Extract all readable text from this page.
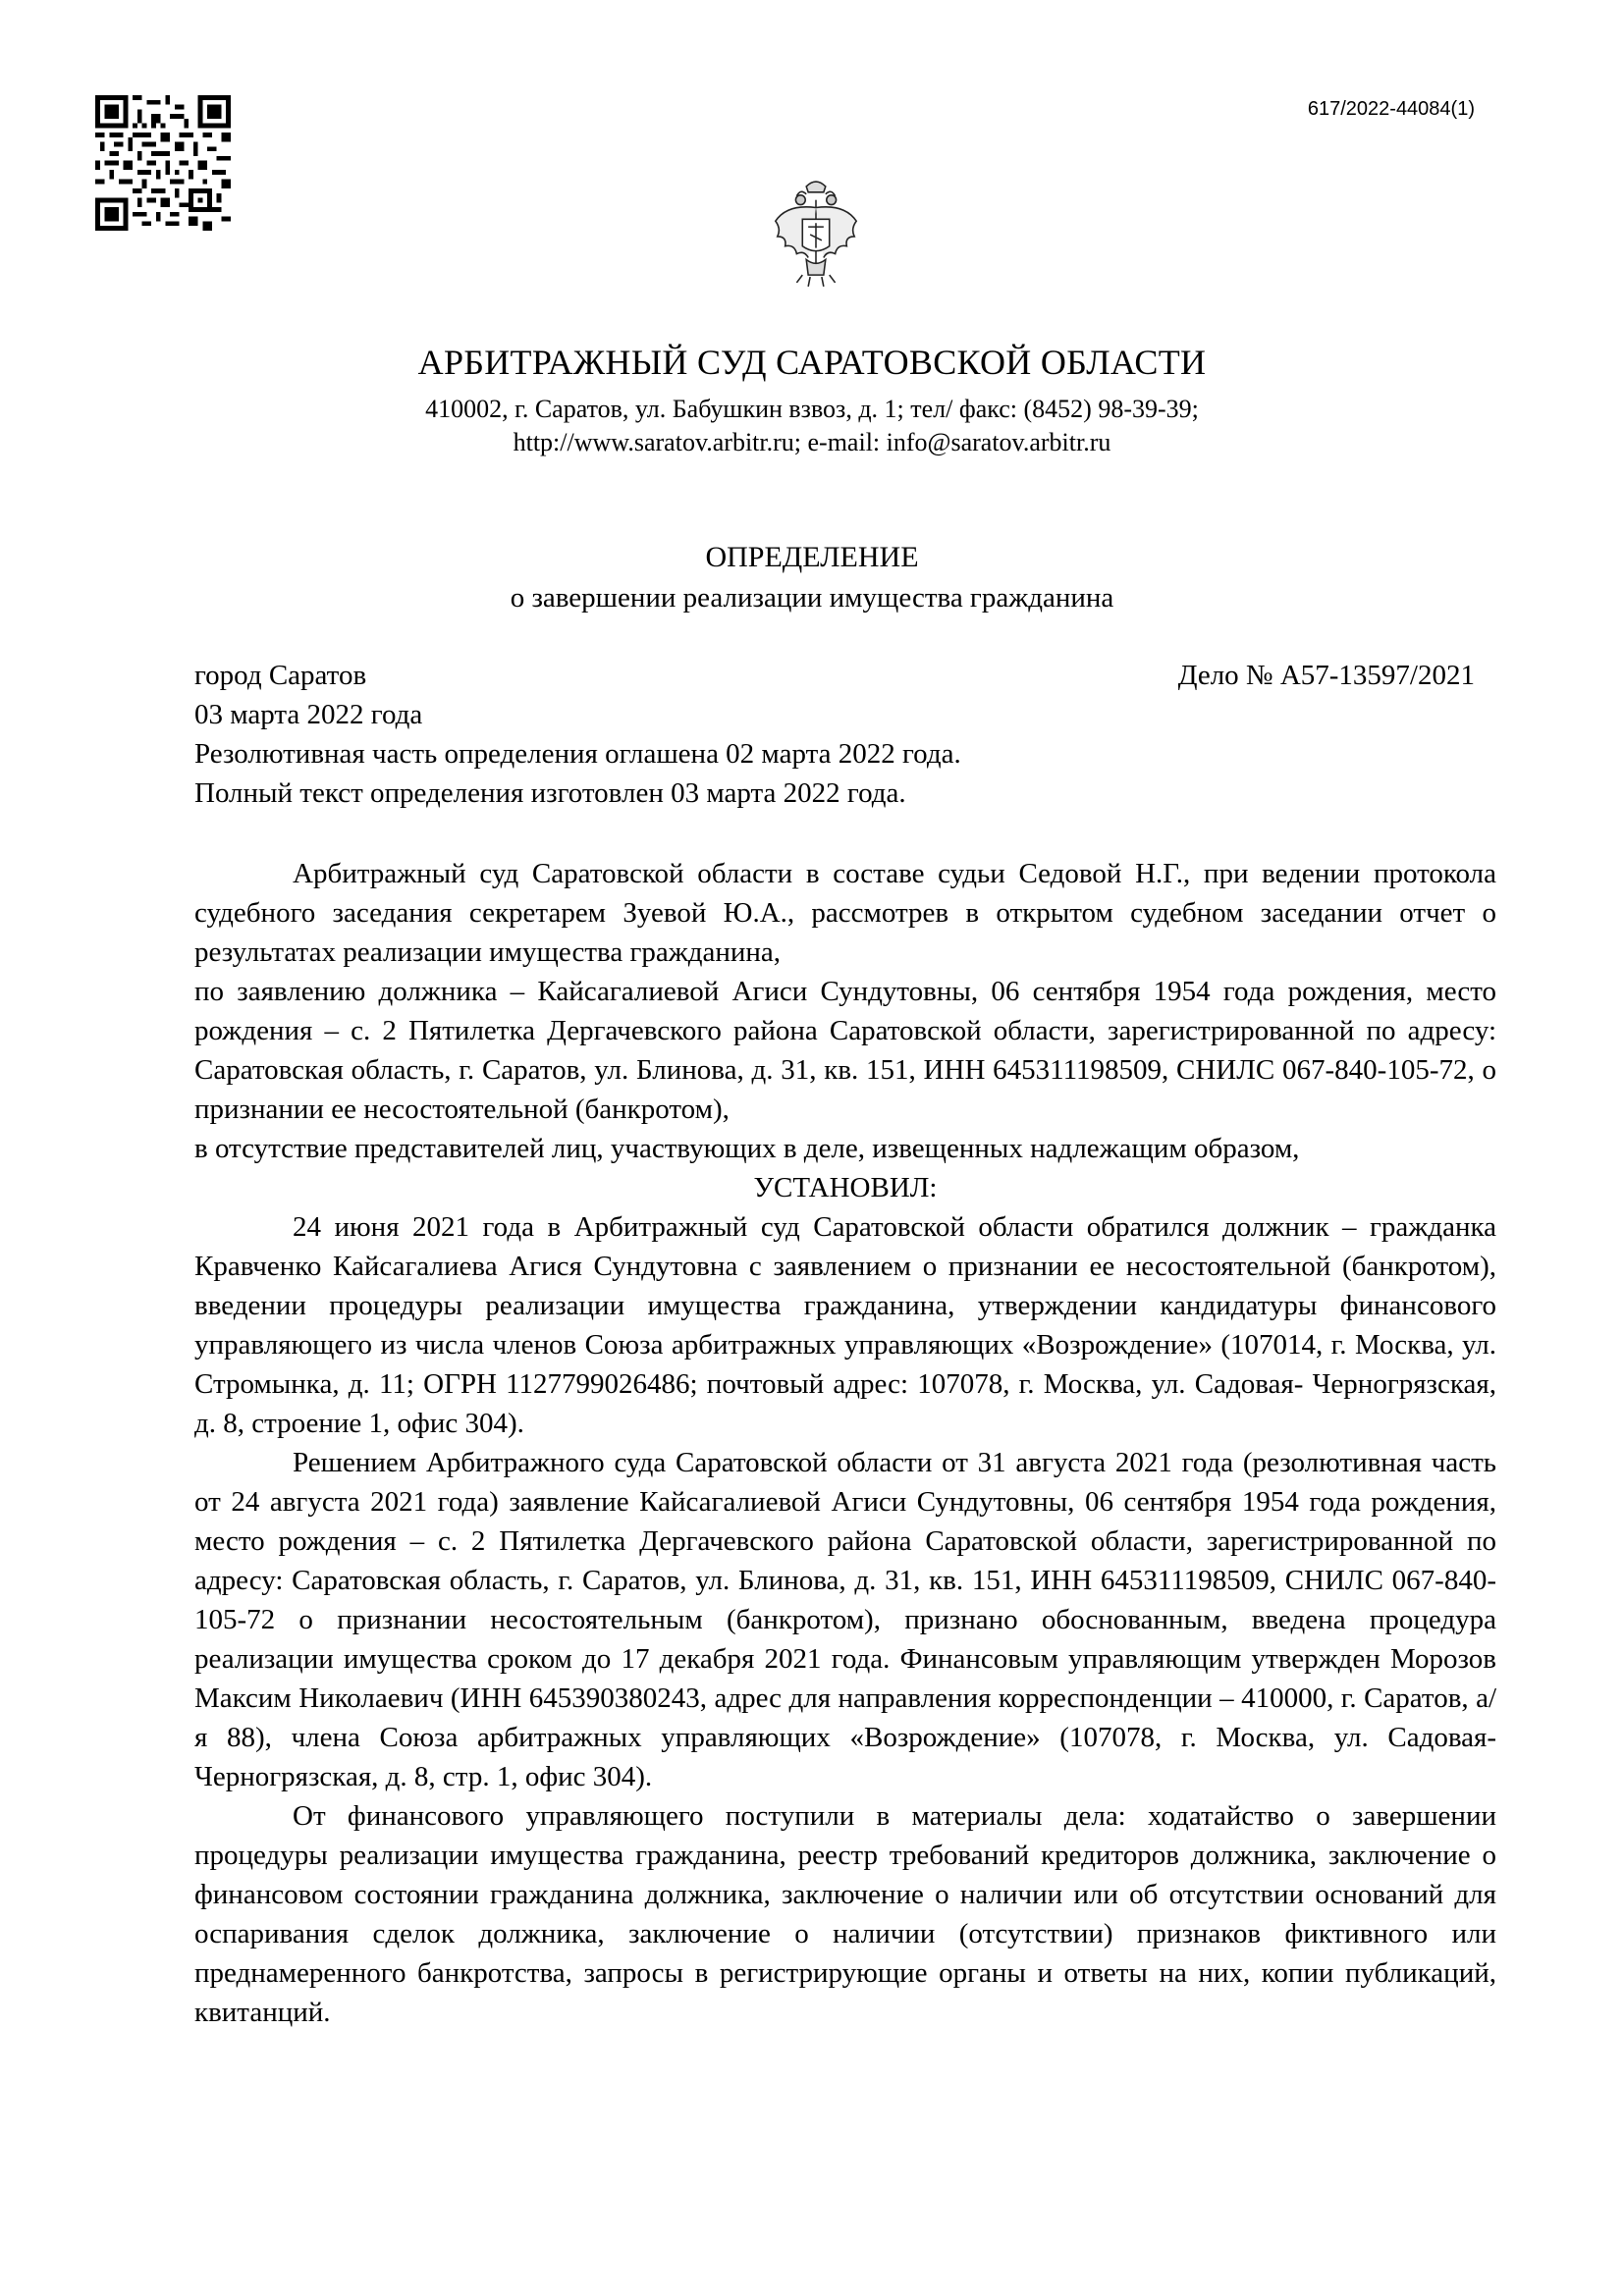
617/2022-44084(1)
АРБИТРАЖНЫЙ СУД САРАТОВСКОЙ ОБЛАСТИ
410002, г. Саратов, ул. Бабушкин взвоз, д. 1; тел/ факс: (8452) 98-39-39;
http://www.saratov.arbitr.ru; e-mail: info@saratov.arbitr.ru
ОПРЕДЕЛЕНИЕ
о завершении реализации имущества гражданина
город Саратов	Дело № А57-13597/2021
03 марта 2022 года
Резолютивная часть определения оглашена 02 марта 2022 года.
Полный текст определения изготовлен 03 марта 2022 года.

Арбитражный суд Саратовской области в составе судьи Седовой Н.Г., при ведении протокола судебного заседания секретарем Зуевой Ю.А., рассмотрев в открытом судебном заседании отчет о результатах реализации имущества гражданина,

по заявлению должника – Кайсагалиевой Агиси Сундутовны, 06 сентября 1954 года рождения, место рождения – с. 2 Пятилетка Дергачевского района Саратовской области, зарегистрированной по адресу: Саратовская область, г. Саратов, ул. Блинова, д. 31, кв. 151, ИНН 645311198509, СНИЛС 067-840-105-72, о признании ее несостоятельной (банкротом),

в отсутствие представителей лиц, участвующих в деле, извещенных надлежащим образом,

УСТАНОВИЛ:

24 июня 2021 года в Арбитражный суд Саратовской области обратился должник – гражданка Кравченко Кайсагалиева Агися Сундутовна с заявлением о признании ее несостоятельной (банкротом), введении процедуры реализации имущества гражданина, утверждении кандидатуры финансового управляющего из числа членов Союза арбитражных управляющих «Возрождение» (107014, г. Москва, ул. Стромынка, д. 11; ОГРН 1127799026486; почтовый адрес: 107078, г. Москва, ул. Садовая- Черногрязская, д. 8, строение 1, офис 304).

Решением Арбитражного суда Саратовской области от 31 августа 2021 года (резолютивная часть от 24 августа 2021 года) заявление Кайсагалиевой Агиси Сундутовны, 06 сентября 1954 года рождения, место рождения – с. 2 Пятилетка Дергачевского района Саратовской области, зарегистрированной по адресу: Саратовская область, г. Саратов, ул. Блинова, д. 31, кв. 151, ИНН 645311198509, СНИЛС 067-840-105-72 о признании несостоятельным (банкротом), признано обоснованным, введена процедура реализации имущества сроком до 17 декабря 2021 года. Финансовым управляющим утвержден Морозов Максим Николаевич (ИНН 645390380243, адрес для направления корреспонденции – 410000, г. Саратов, а/я 88), члена Союза арбитражных управляющих «Возрождение» (107078, г. Москва, ул. Садовая-Черногрязская, д. 8, стр. 1, офис 304).

От финансового управляющего поступили в материалы дела: ходатайство о завершении процедуры реализации имущества гражданина, реестр требований кредиторов должника, заключение о финансовом состоянии гражданина должника, заключение о наличии или об отсутствии оснований для оспаривания сделок должника, заключение о наличии (отсутствии) признаков фиктивного или преднамеренного банкротства, запросы в регистрирующие органы и ответы на них, копии публикаций, квитанций.
